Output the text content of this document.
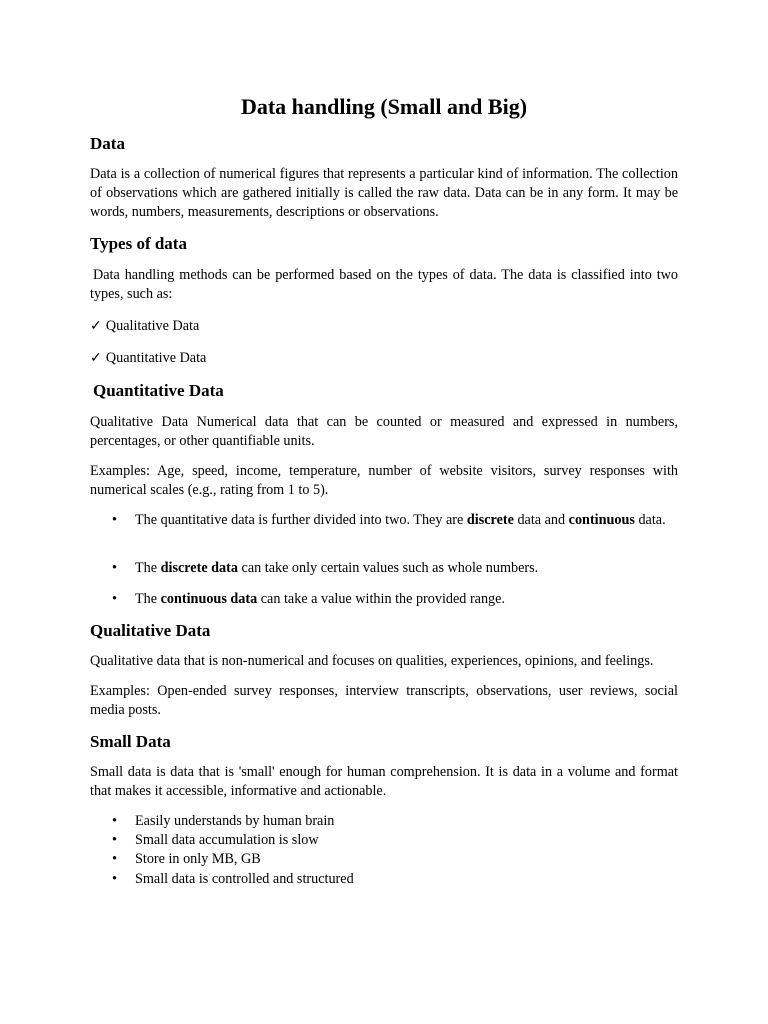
Data handling (Small and Big)
Data
Data is a collection of numerical figures that represents a particular kind of information. The collection of observations which are gathered initially is called the raw data. Data can be in any form. It may be words, numbers, measurements, descriptions or observations.
Types of data
Data handling methods can be performed based on the types of data. The data is classified into two types, such as:
✓ Qualitative Data
✓ Quantitative Data
Quantitative Data
Qualitative Data Numerical data that can be counted or measured and expressed in numbers, percentages, or other quantifiable units.
Examples: Age, speed, income, temperature, number of website visitors, survey responses with numerical scales (e.g., rating from 1 to 5).
• The quantitative data is further divided into two. They are discrete data and continuous data.
• The discrete data can take only certain values such as whole numbers.
• The continuous data can take a value within the provided range.
Qualitative Data
Qualitative data that is non-numerical and focuses on qualities, experiences, opinions, and feelings.
Examples: Open-ended survey responses, interview transcripts, observations, user reviews, social media posts.
Small Data
Small data is data that is 'small' enough for human comprehension. It is data in a volume and format that makes it accessible, informative and actionable.
• Easily understands by human brain
• Small data accumulation is slow
• Store in only MB, GB
• Small data is controlled and structured
